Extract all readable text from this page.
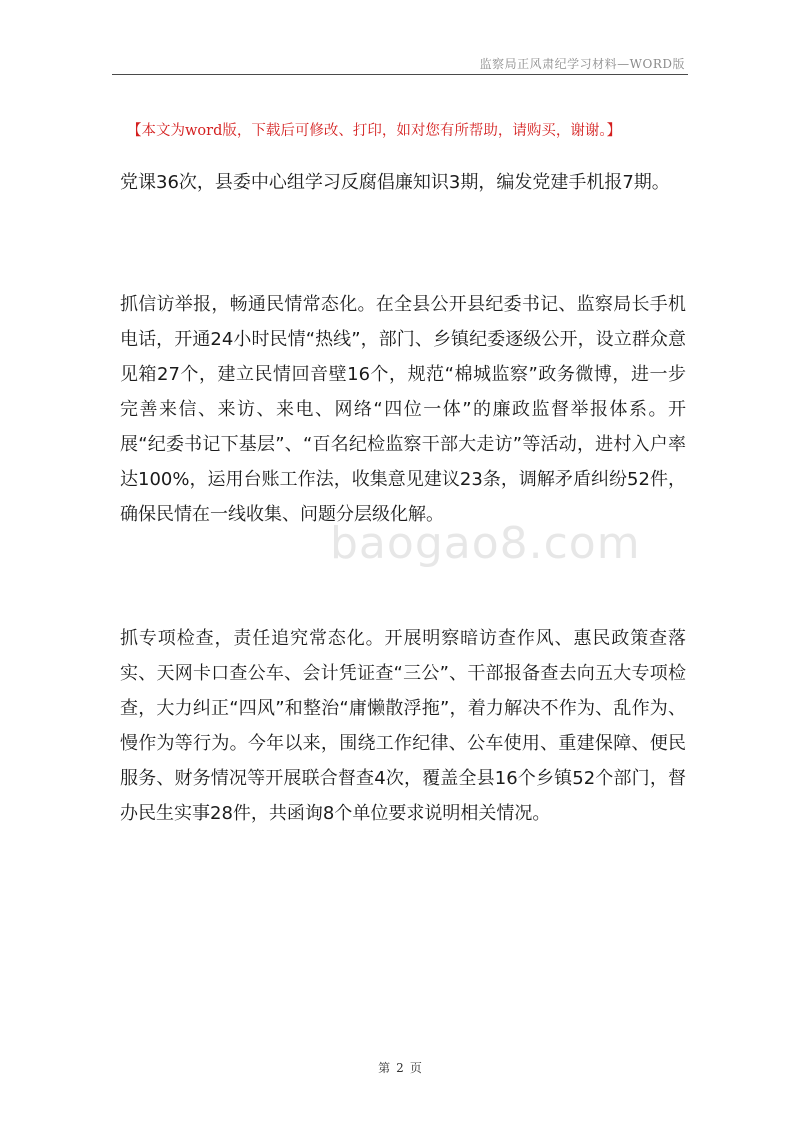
监察局正风肃纪学习材料—WORD版
【本文为word版，下载后可修改、打印，如对您有所帮助，请购买，谢谢。】
党课36次，县委中心组学习反腐倡廉知识3期，编发党建手机报7期。
抓信访举报，畅通民情常态化。在全县公开县纪委书记、监察局长手机电话，开通24小时民情“热线”，部门、乡镇纪委逐级公开，设立群众意见箱27个，建立民情回音壁16个，规范“棉城监察”政务微博，进一步完善来信、来访、来电、网络“四位一体”的廉政监督举报体系。开展“纪委书记下基层”、“百名纪检监察干部大走访”等活动，进村入户率达100%，运用台账工作法，收集意见建议23条，调解矛盾纠纷52件，确保民情在一线收集、问题分层级化解。
抓专项检查，责任追究常态化。开展明察暗访查作风、惠民政策查落实、天网卡口查公车、会计凭证查“三公”、干部报备查去向五大专项检查，大力纠正“四风”和整治“庸懒散浮拖”，着力解决不作为、乱作为、慢作为等行为。今年以来，围绕工作纪律、公车使用、重建保障、便民服务、财务情况等开展联合督查4次，覆盖全县16个乡镇52个部门，督办民生实事28件，共函询8个单位要求说明相关情况。
baogao8.com
第 2 页
